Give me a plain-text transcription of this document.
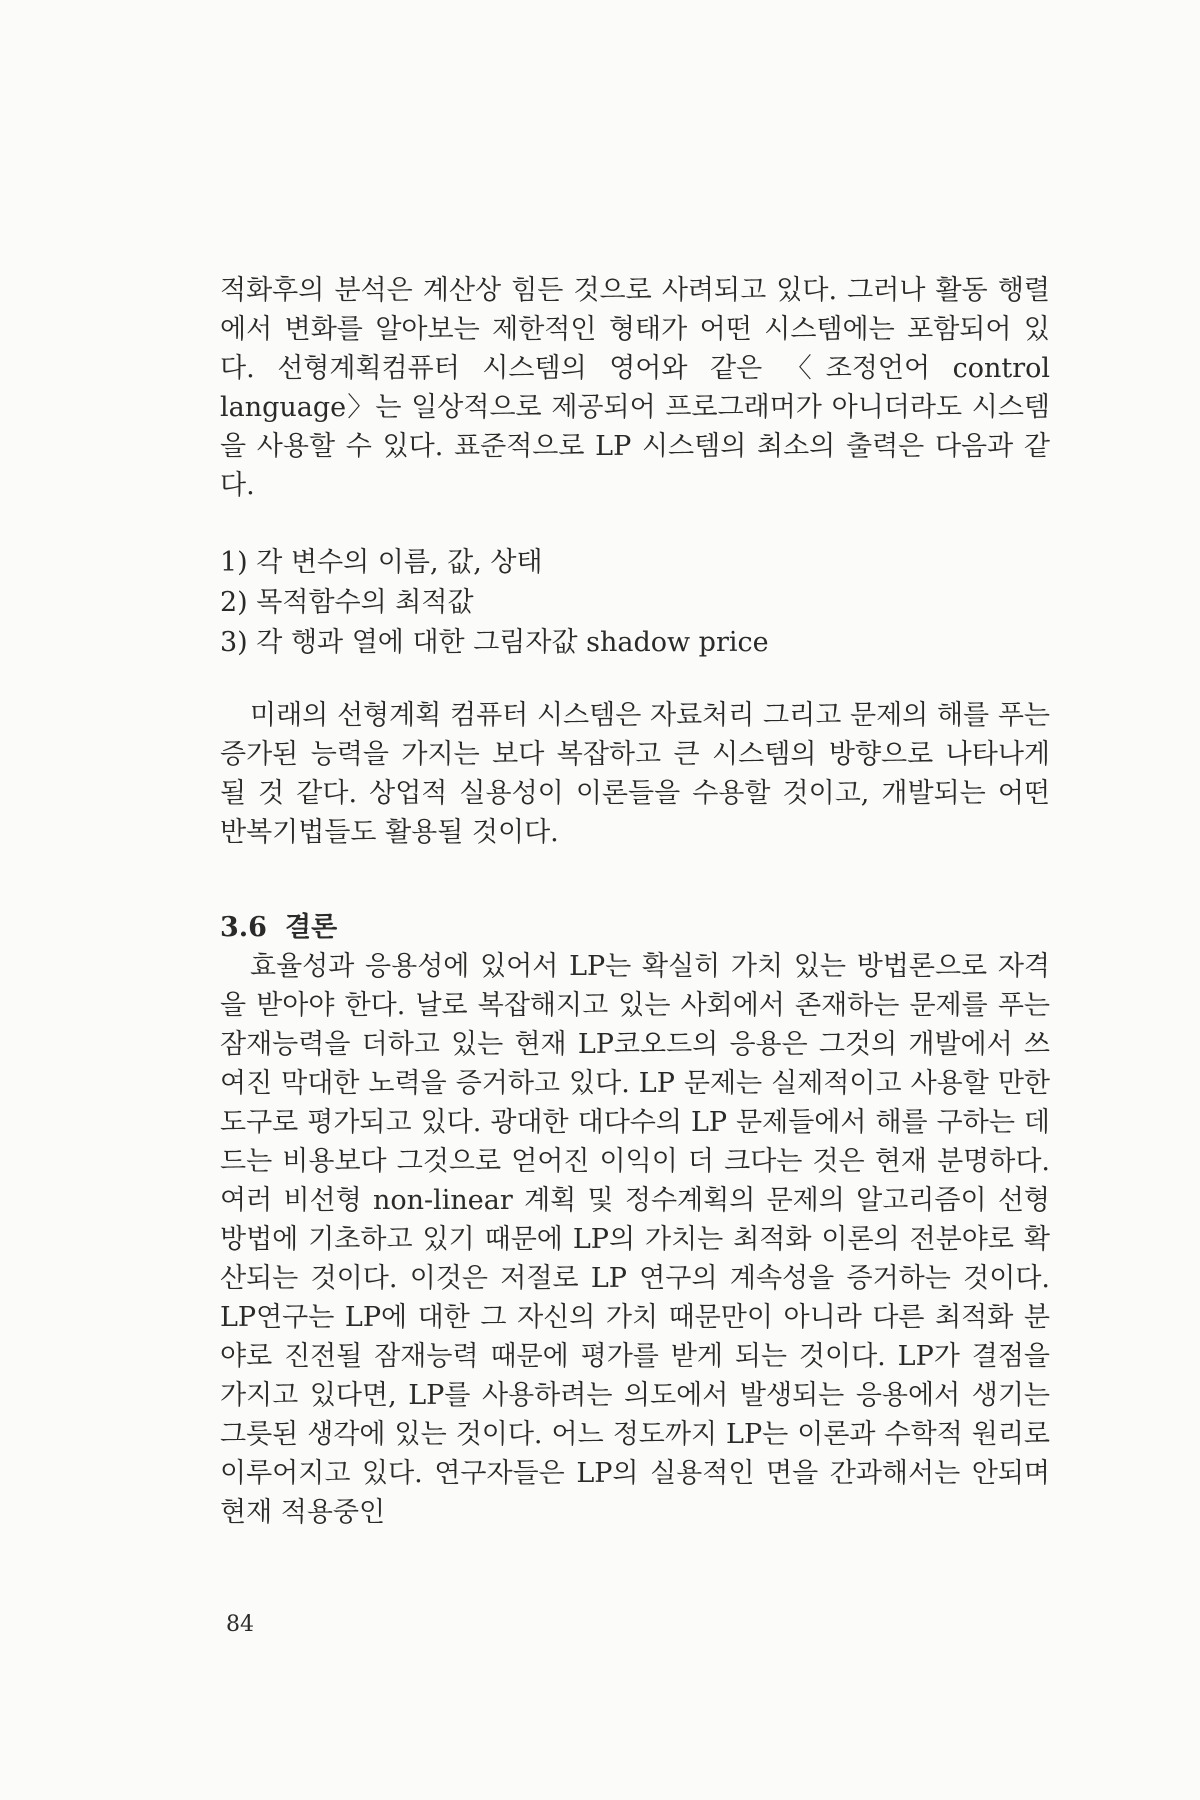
적화후의 분석은 계산상 힘든 것으로 사려되고 있다. 그러나 활동 행렬에서 변화를 알아보는 제한적인 형태가 어떤 시스템에는 포함되어 있다. 선형계획컴퓨터 시스템의 영어와 같은 〈조정언어 control language〉는 일상적으로 제공되어 프로그래머가 아니더라도 시스템을 사용할 수 있다. 표준적으로 LP 시스템의 최소의 출력은 다음과 같다.

1) 각 변수의 이름, 값, 상태
2) 목적함수의 최적값
3) 각 행과 열에 대한 그림자값 shadow price

미래의 선형계획 컴퓨터 시스템은 자료처리 그리고 문제의 해를 푸는 증가된 능력을 가지는 보다 복잡하고 큰 시스템의 방향으로 나타나게 될 것 같다. 상업적 실용성이 이론들을 수용할 것이고, 개발되는 어떤 반복기법들도 활용될 것이다.

3.6 결론

효율성과 응용성에 있어서 LP는 확실히 가치 있는 방법론으로 자격을 받아야 한다. 날로 복잡해지고 있는 사회에서 존재하는 문제를 푸는 잠재능력을 더하고 있는 현재 LP코오드의 응용은 그것의 개발에서 쓰여진 막대한 노력을 증거하고 있다. LP 문제는 실제적이고 사용할 만한 도구로 평가되고 있다. 광대한 대다수의 LP 문제들에서 해를 구하는 데 드는 비용보다 그것으로 얻어진 이익이 더 크다는 것은 현재 분명하다. 여러 비선형 non-linear 계획 및 정수계획의 문제의 알고리즘이 선형방법에 기초하고 있기 때문에 LP의 가치는 최적화 이론의 전분야로 확산되는 것이다. 이것은 저절로 LP 연구의 계속성을 증거하는 것이다. LP연구는 LP에 대한 그 자신의 가치 때문만이 아니라 다른 최적화 분야로 진전될 잠재능력 때문에 평가를 받게 되는 것이다. LP가 결점을 가지고 있다면, LP를 사용하려는 의도에서 발생되는 응용에서 생기는 그릇된 생각에 있는 것이다. 어느 정도까지 LP는 이론과 수학적 원리로 이루어지고 있다. 연구자들은 LP의 실용적인 면을 간과해서는 안되며 현재 적용중인

84
